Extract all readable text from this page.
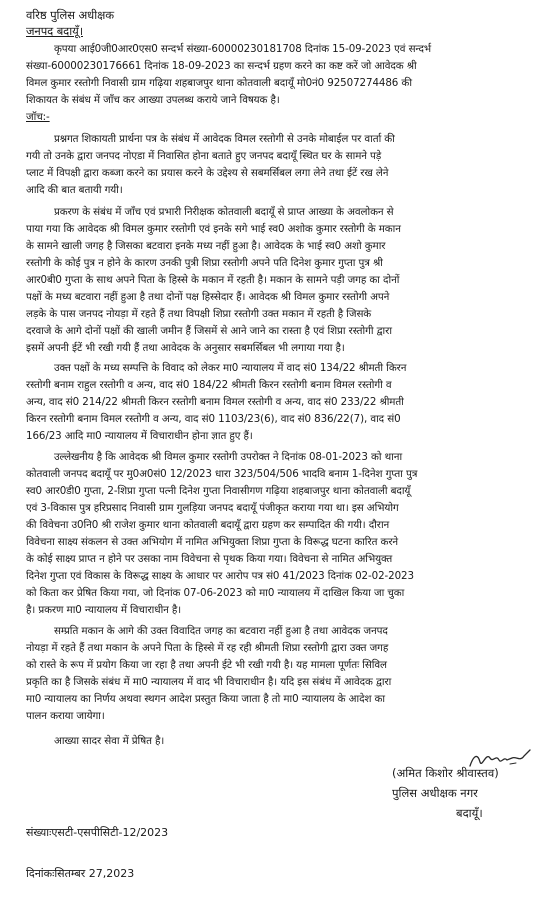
वरिष्ठ पुलिस अधीक्षक
जनपद बदायूँ।
कृपया आई0जी0आर0एस0 सन्दर्भ संख्या-60000230181708 दिनांक 15-09-2023 एवं सन्दर्भ
संख्या-60000230176661 दिनांक 18-09-2023 का सन्दर्भ ग्रहण करने का कष्ट करें जो आवेदक श्री
विमल कुमार रस्तोगी निवासी ग्राम गढ़िया शहबाजपुर थाना कोतवाली बदायूँ मो0नं0 92507274486 की
शिकायत के संबंध में जाँच कर आख्या उपलब्ध कराये जाने विषयक है।
जॉच:-
प्रश्नगत शिकायती प्रार्थना पत्र के संबंध में आवेदक विमल रस्तोगी से उनके मोबाईल पर वार्ता की
गयी तो उनके द्वारा जनपद नोएडा में निवासित होना बताते हुए जनपद बदायूँ स्थित घर के सामने पड़े
प्लाट में विपक्षी द्वारा कब्जा करने का प्रयास करने के उद्देश्य से सबमर्सिबल लगा लेने तथा ईटें रख लेने
आदि की बात बतायी गयी।
प्रकरण के संबंध में जाँच एवं प्रभारी निरीक्षक कोतवाली बदायूँ से प्राप्त आख्या के अवलोकन से
पाया गया कि आवेदक श्री विमल कुमार रस्तोगी एवं इनके सगे भाई स्व0 अशोक कुमार रस्तोगी के मकान
के सामने खाली जगह है जिसका बटवारा इनके मध्य नहीं हुआ है। आवेदक के भाई स्व0 अशो कुमार
रस्तोगी के कोई पुत्र न होने के कारण उनकी पुत्री शिप्रा रस्तोगी अपने पति दिनेश कुमार गुप्ता पुत्र श्री
आर0बी0 गुप्ता के साथ अपने पिता के हिस्से के मकान में रहती है। मकान के सामने पड़ी जगह का दोनों
पक्षों के मध्य बटवारा नहीं हुआ है तथा दोनों पक्ष हिस्सेदार हैं। आवेदक श्री विमल कुमार रस्तोगी अपने
लड़के के पास जनपद नोयड़ा में रहते हैं तथा विपक्षी शिप्रा रस्तोगी उक्त मकान में रहती है जिसके
दरवाजे के आगे दोनों पक्षों की खाली जमीन हैं जिसमें से आने जाने का रास्ता है एवं शिप्रा रस्तोगी द्वारा
इसमें अपनी ईटें भी रखी गयी हैं तथा आवेदक के अनुसार सबमर्सिबल भी लगाया गया है।
उक्त पक्षों के मध्य सम्पत्ति के विवाद को लेकर मा0 न्यायालय में वाद सं0 134/22 श्रीमती किरन
रस्तोगी बनाम राहुल रस्तोगी व अन्य, वाद सं0 184/22 श्रीमती किरन रस्तोगी बनाम विमल रस्तोगी व
अन्य, वाद सं0 214/22 श्रीमती किरन रस्तोगी बनाम विमल रस्तोगी व अन्य, वाद सं0 233/22 श्रीमती
किरन रस्तोगी बनाम विमल रस्तोगी व अन्य, वाद सं0 1103/23(6), वाद सं0 836/22(7), वाद सं0
166/23 आदि मा0 न्यायालय में विचाराधीन होना ज्ञात हुए हैं।
उल्लेखनीय है कि आवेदक श्री विमल कुमार रस्तोगी उपरोक्त ने दिनांक 08-01-2023 को थाना
कोतवाली जनपद बदायूँ पर मु0अ0सं0 12/2023 धारा 323/504/506 भादवि बनाम 1-दिनेश गुप्ता पुत्र
स्व0 आर0डी0 गुप्ता, 2-शिप्रा गुप्ता पत्नी दिनेश गुप्ता निवासीगण गढ़िया शहबाजपुर थाना कोतवाली बदायूँ
एवं 3-विकास पुत्र हरिप्रसाद निवासी ग्राम गुलड़िया जनपद बदायूँ पंजीकृत कराया गया था। इस अभियोग
की विवेचना उ0नि0 श्री राजेश कुमार थाना कोतवाली बदायूँ द्वारा ग्रहण कर सम्पादित की गयी। दौरान
विवेचना साक्ष्य संकलन से उक्त अभियोग में नामित अभियुक्ता शिप्रा गुप्ता के विरूद्ध घटना कारित करने
के कोई साक्ष्य प्राप्त न होने पर उसका नाम विवेचना से पृथक किया गया। विवेचना से नामित अभियुक्त
दिनेश गुप्ता एवं विकास के विरूद्ध साक्ष्य के आधार पर आरोप पत्र सं0 41/2023 दिनांक 02-02-2023
को किता कर प्रेषित किया गया, जो दिनांक 07-06-2023 को मा0 न्यायालय में दाखिल किया जा चुका
है। प्रकरण मा0 न्यायालय में विचाराधीन है।
सम्प्रति मकान के आगे की उक्त विवादित जगह का बटवारा नहीं हुआ है तथा आवेदक जनपद
नोयड़ा में रहते हैं तथा मकान के अपने पिता के हिस्से में रह रही श्रीमती शिप्रा रस्तोगी द्वारा उक्त जगह
को रास्ते के रूप में प्रयोग किया जा रहा है तथा अपनी ईटे भी रखी गयी है। यह मामला पूर्णतः सिविल
प्रकृति का है जिसके संबंध में मा0 न्यायालय में वाद भी विचाराधीन है। यदि इस संबंध में आवेदक द्वारा
मा0 न्यायालय का निर्णय अथवा स्थगन आदेश प्रस्तुत किया जाता है तो मा0 न्यायालय के आदेश का
पालन कराया जायेगा।
आख्या सादर सेवा में प्रेषित है।
(अमित किशोर श्रीवास्तव)
पुलिस अधीक्षक नगर
बदायूँ।
संख्याःएसटी-एसपीसिटी-12/2023
दिनांकःसितम्बर 27,2023
